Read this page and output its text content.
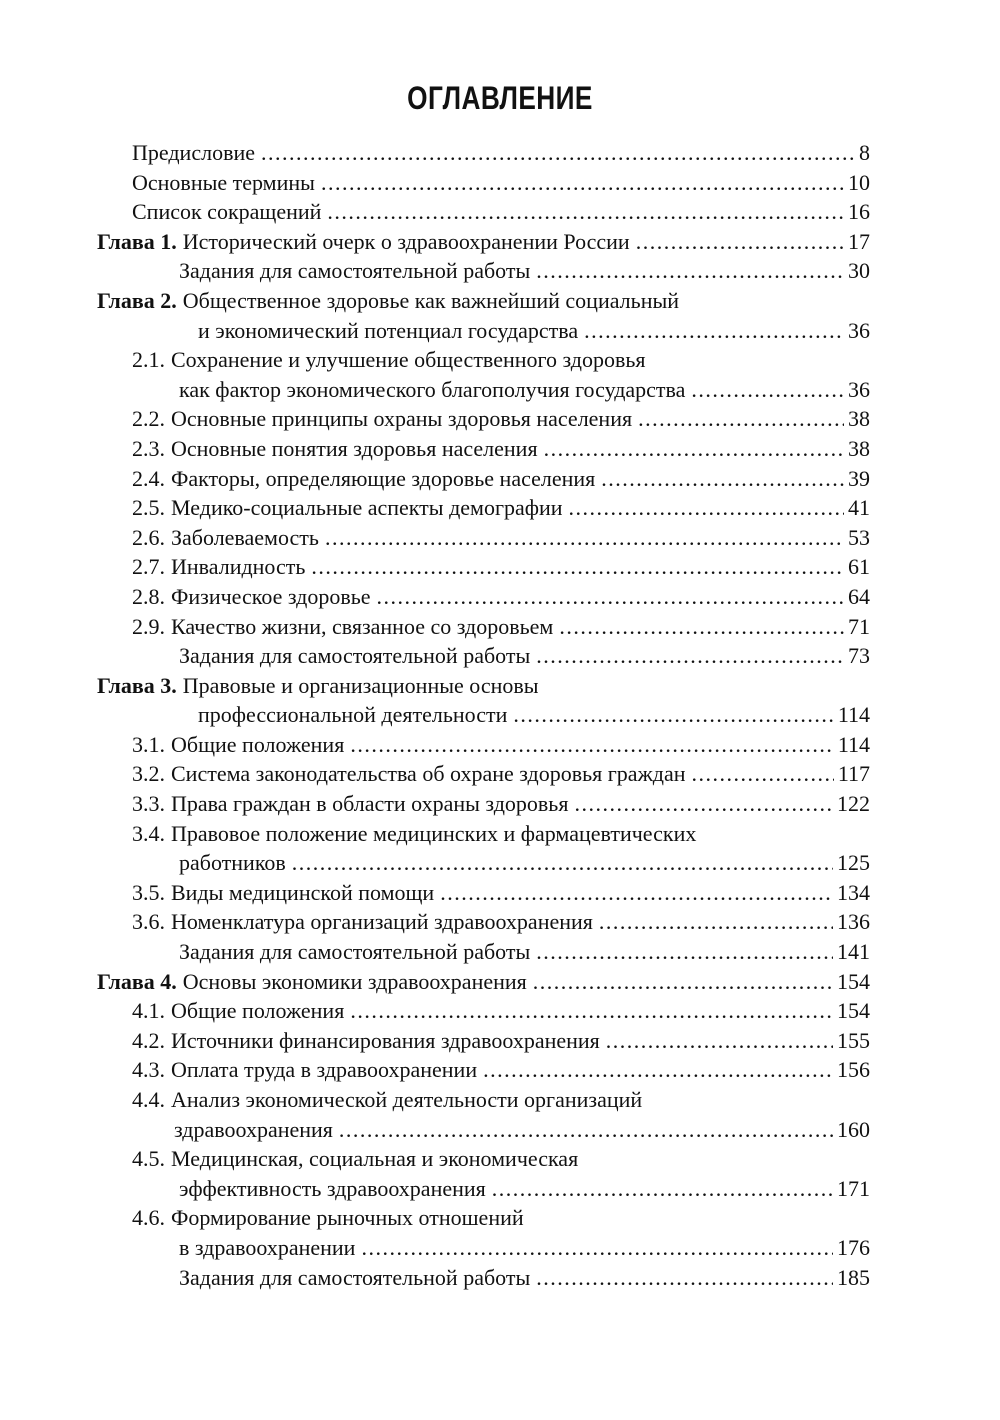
ОГЛАВЛЕНИЕ
Предисловие . . .	8
Основные термины . . .	10
Список сокращений . . .	16
Глава 1. Исторический очерк о здравоохранении России . . .	17
Задания для самостоятельной работы . . .	30
Глава 2. Общественное здоровье как важнейший социальный
и экономический потенциал государства . . .	36
2.1. Сохранение и улучшение общественного здоровья
как фактор экономического благополучия государства . . .	36
2.2. Основные принципы охраны здоровья населения . . .	38
2.3. Основные понятия здоровья населения . . .	38
2.4. Факторы, определяющие здоровье населения . . .	39
2.5. Медико-социальные аспекты демографии . . .	41
2.6. Заболеваемость . . .	53
2.7. Инвалидность . . .	61
2.8. Физическое здоровье . . .	64
2.9. Качество жизни, связанное со здоровьем . . .	71
Задания для самостоятельной работы . . .	73
Глава 3. Правовые и организационные основы
профессиональной деятельности . . .	114
3.1. Общие положения . . .	114
3.2. Система законодательства об охране здоровья граждан . . .	117
3.3. Права граждан в области охраны здоровья . . .	122
3.4. Правовое положение медицинских и фармацевтических
работников . . .	125
3.5. Виды медицинской помощи . . .	134
3.6. Номенклатура организаций здравоохранения . . .	136
Задания для самостоятельной работы . . .	141
Глава 4. Основы экономики здравоохранения . . .	154
4.1. Общие положения . . .	154
4.2. Источники финансирования здравоохранения . . .	155
4.3. Оплата труда в здравоохранении . . .	156
4.4. Анализ экономической деятельности организаций
здравоохранения . . .	160
4.5. Медицинская, социальная и экономическая
эффективность здравоохранения . . .	171
4.6. Формирование рыночных отношений
в здравоохранении . . .	176
Задания для самостоятельной работы . . .	185
